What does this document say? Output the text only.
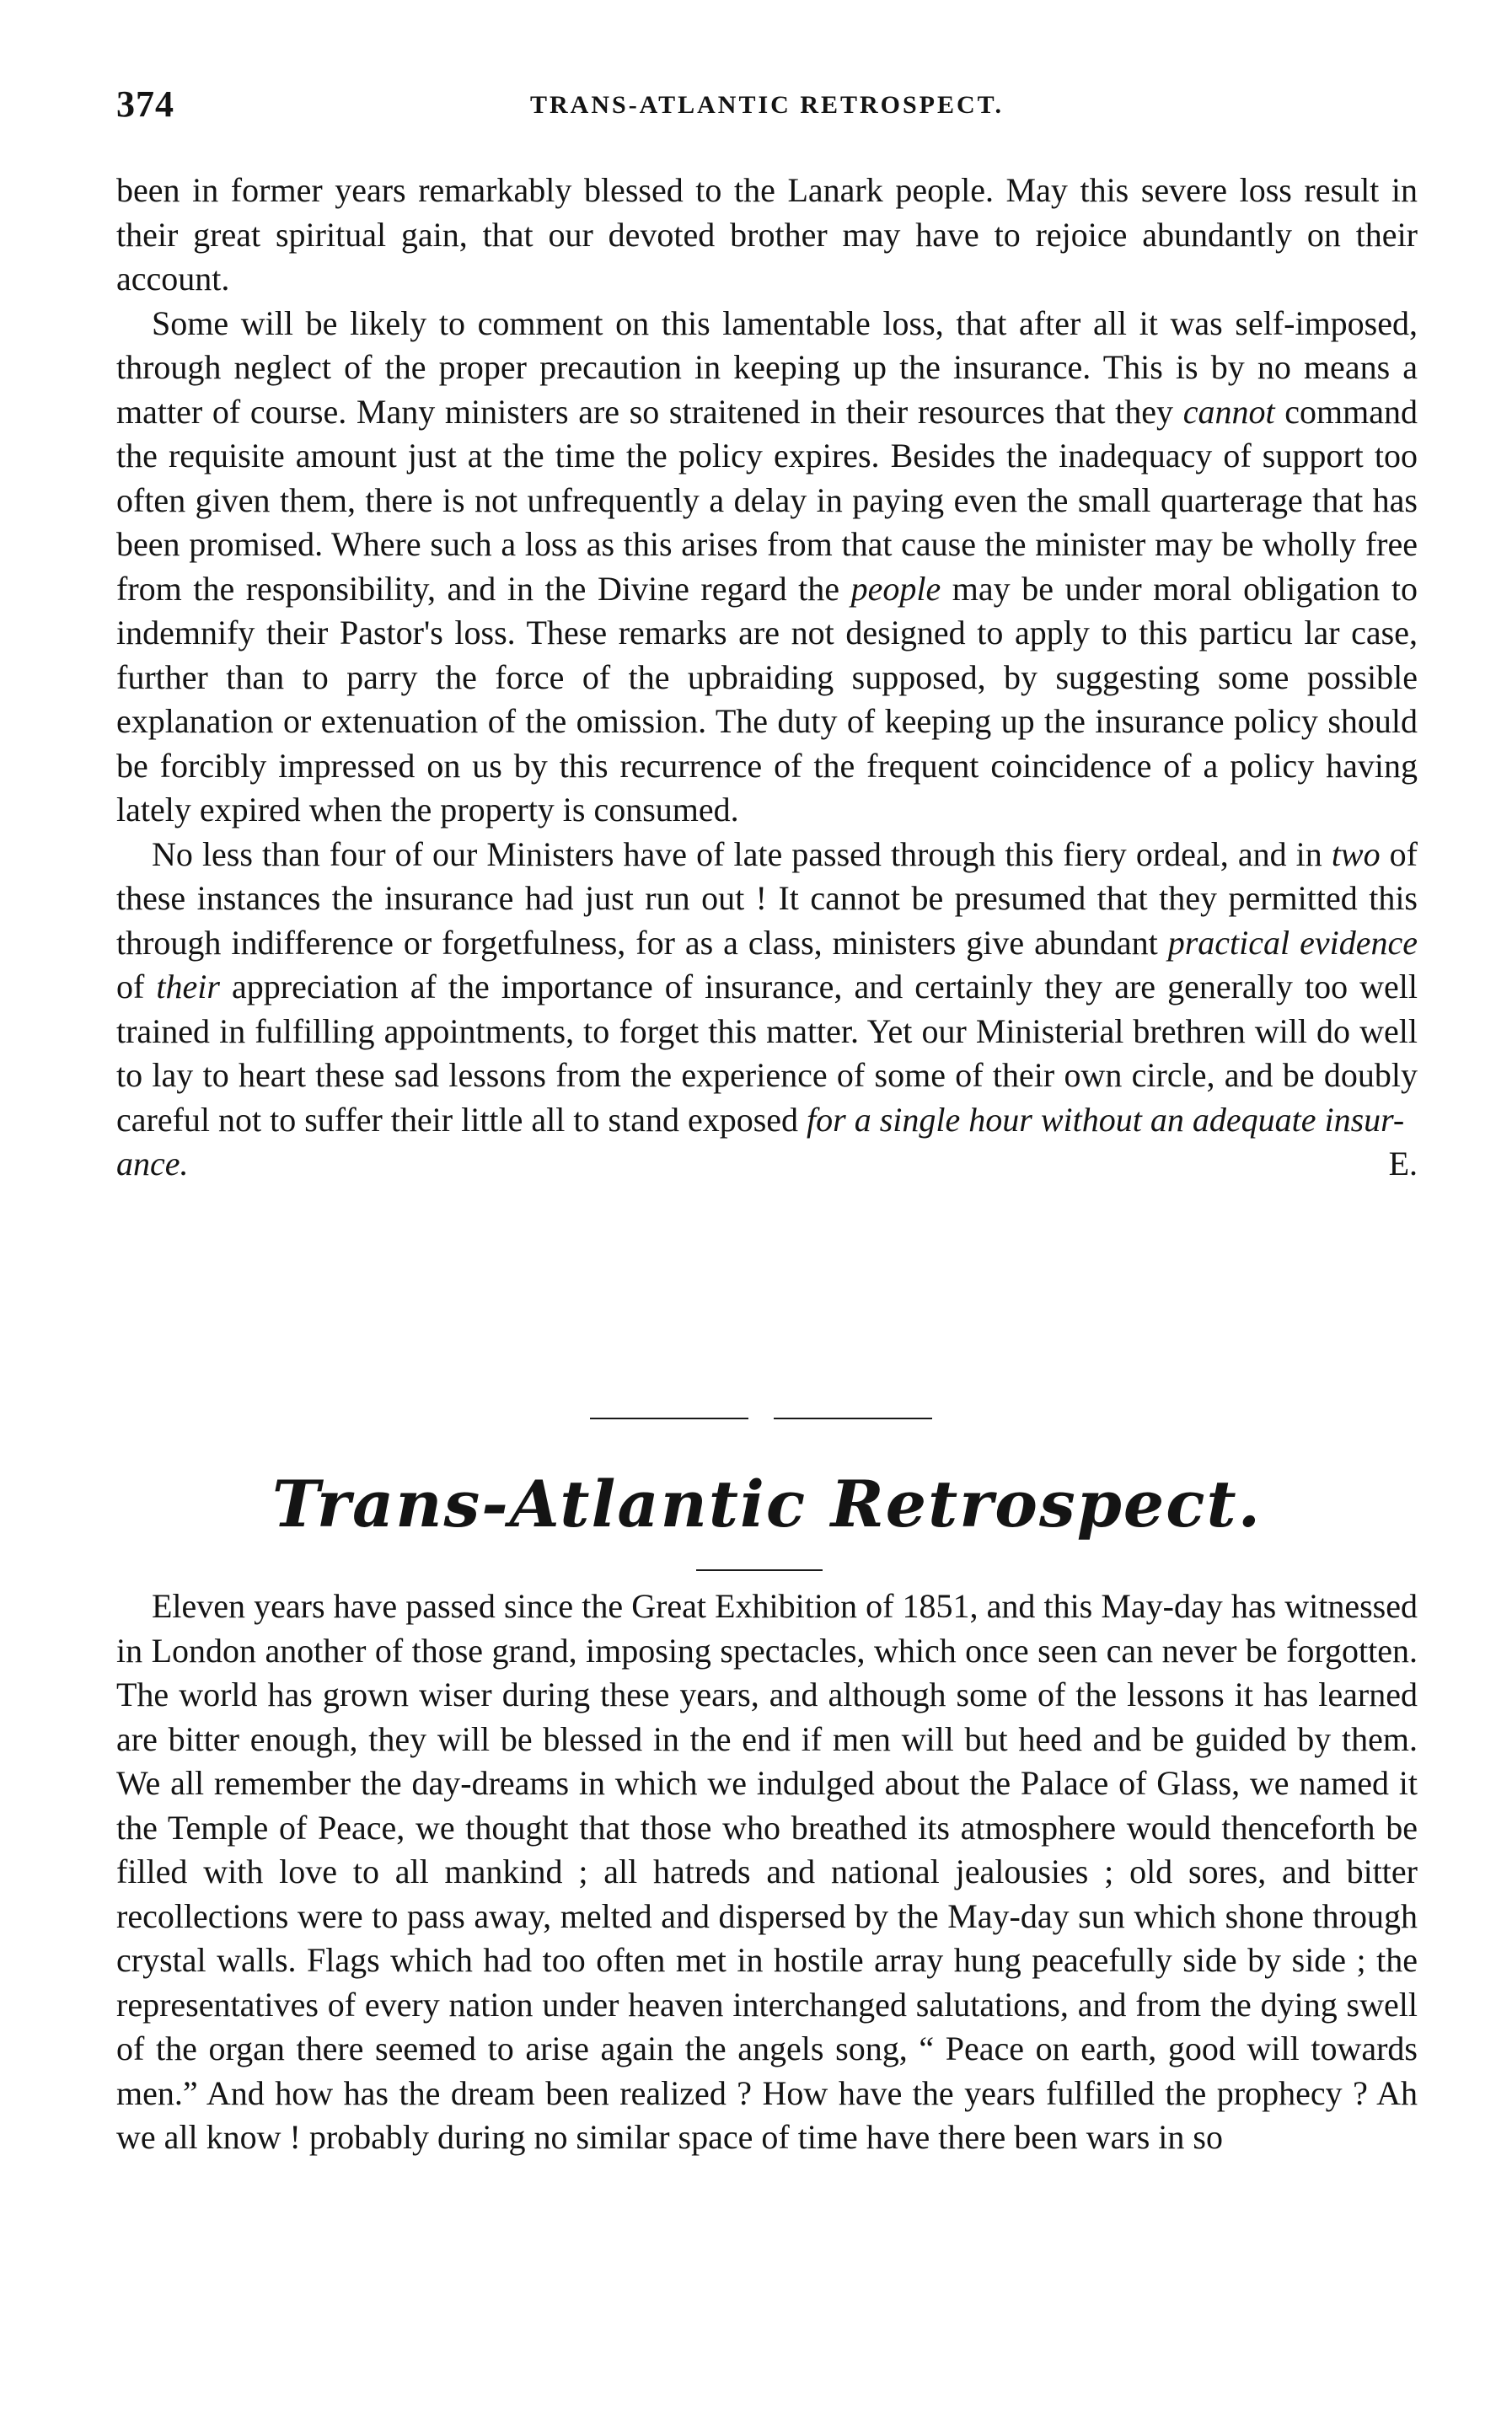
374	TRANS-ATLANTIC RETROSPECT.

been in former years remarkably blessed to the Lanark people. May this severe loss result in their great spiritual gain, that our devoted brother may have to rejoice abundantly on their account.

Some will be likely to comment on this lamentable loss, that after all it was self-imposed, through neglect of the proper precaution in keeping up the insurance. This is by no means a matter of course. Many ministers are so straitened in their resources that they cannot command the requisite amount just at the time the policy expires. Besides the inadequacy of support too often given them, there is not unfrequently a delay in paying even the small quarterage that has been promised. Where such a loss as this arises from that cause the minister may be wholly free from the responsibility, and in the Divine regard the people may be under moral obligation to indemnify their Pastor's loss. These remarks are not designed to apply to this particu lar case, further than to parry the force of the upbraiding supposed, by suggesting some possible explanation or extenuation of the omission. The duty of keeping up the insurance policy should be forcibly impressed on us by this recurrence of the frequent coincidence of a policy having lately expired when the property is consumed.

No less than four of our Ministers have of late passed through this fiery ordeal, and in two of these instances the insurance had just run out ! It cannot be presumed that they permitted this through indifference or forgetfulness, for as a class, ministers give abundant practical evidence of their appreciation af the importance of insurance, and certainly they are generally too well trained in fulfilling appointments, to forget this matter. Yet our Ministerial brethren will do well to lay to heart these sad lessons from the experience of some of their own circle, and be doubly careful not to suffer their little all to stand exposed for a single hour without an adequate insur-

ance.	E.

Trans-Atlantic Retrospect.

Eleven years have passed since the Great Exhibition of 1851, and this May-day has witnessed in London another of those grand, imposing spectacles, which once seen can never be forgotten. The world has grown wiser during these years, and although some of the lessons it has learned are bitter enough, they will be blessed in the end if men will but heed and be guided by them. We all remember the day-dreams in which we indulged about the Palace of Glass, we named it the Temple of Peace, we thought that those who breathed its atmosphere would thenceforth be filled with love to all mankind ; all hatreds and national jealousies ; old sores, and bitter recollections were to pass away, melted and dispersed by the May-day sun which shone through crystal walls. Flags which had too often met in hostile array hung peacefully side by side ; the representatives of every nation under heaven interchanged salutations, and from the dying swell of the organ there seemed to arise again the angels song, “ Peace on earth, good will towards men.” And how has the dream been realized ? How have the years fulfilled the prophecy ? Ah we all know ! probably during no similar space of time have there been wars in so
